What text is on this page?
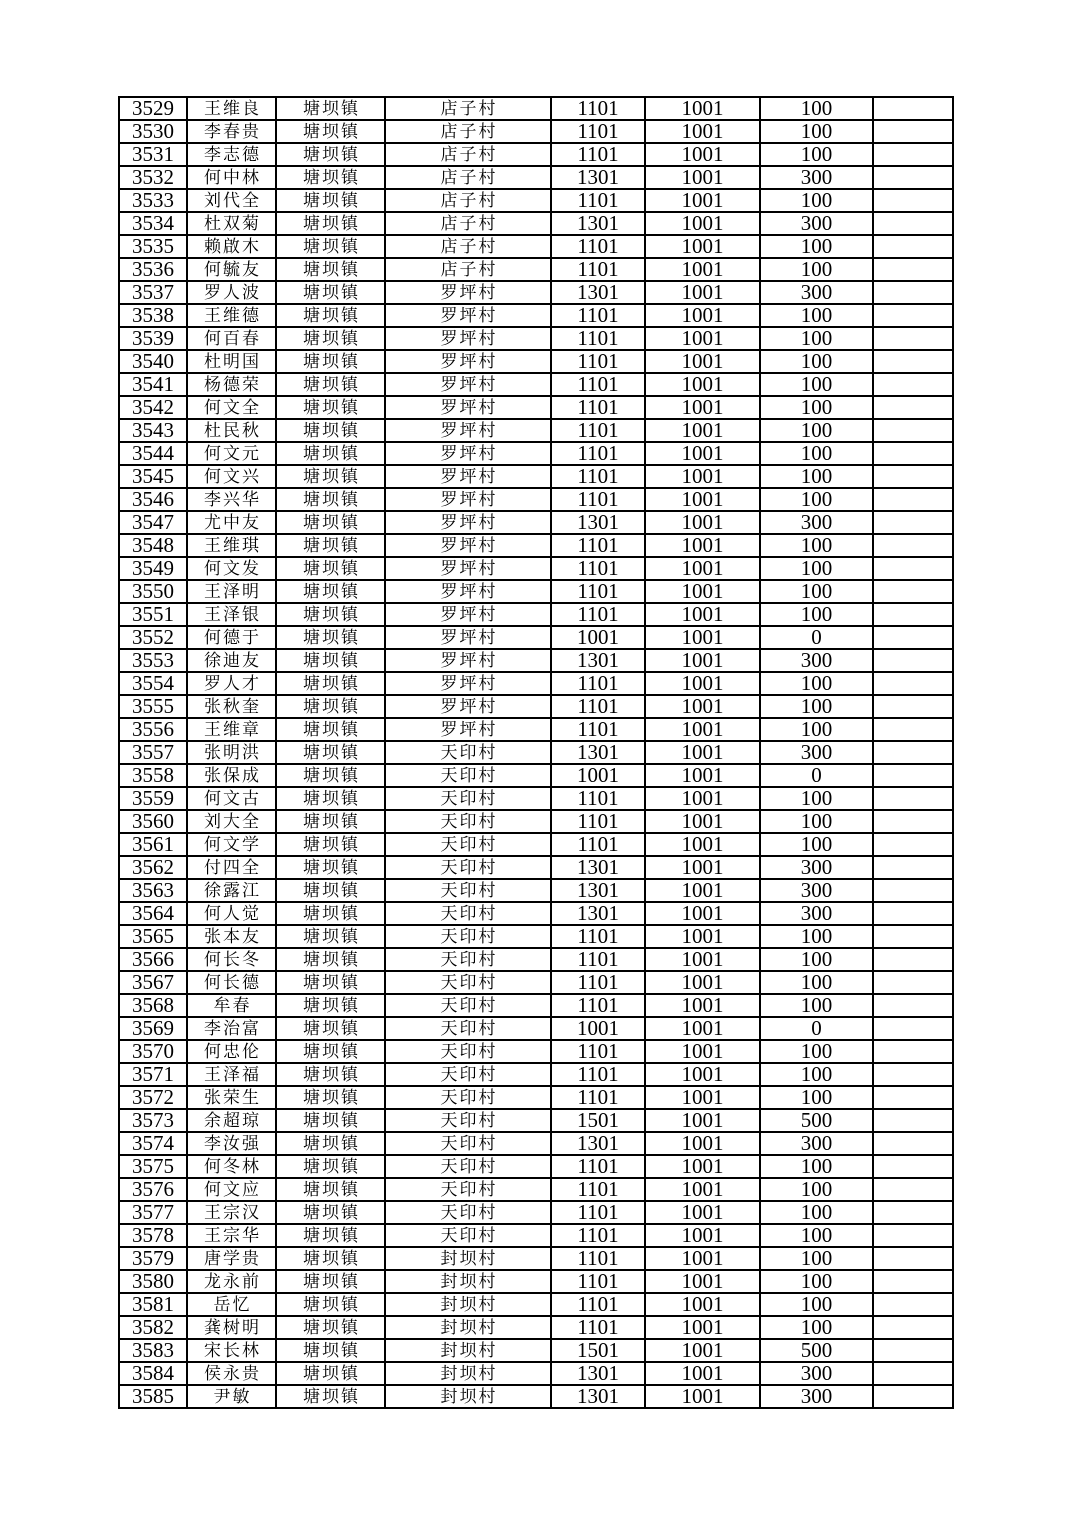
3529	王维良	塘坝镇	店子村	1101	1001	100
3530	李春贵	塘坝镇	店子村	1101	1001	100
3531	李志德	塘坝镇	店子村	1101	1001	100
3532	何中林	塘坝镇	店子村	1301	1001	300
3533	刘代全	塘坝镇	店子村	1101	1001	100
3534	杜双菊	塘坝镇	店子村	1301	1001	300
3535	赖啟木	塘坝镇	店子村	1101	1001	100
3536	何毓友	塘坝镇	店子村	1101	1001	100
3537	罗人波	塘坝镇	罗坪村	1301	1001	300
3538	王维德	塘坝镇	罗坪村	1101	1001	100
3539	何百春	塘坝镇	罗坪村	1101	1001	100
3540	杜明国	塘坝镇	罗坪村	1101	1001	100
3541	杨德荣	塘坝镇	罗坪村	1101	1001	100
3542	何文全	塘坝镇	罗坪村	1101	1001	100
3543	杜民秋	塘坝镇	罗坪村	1101	1001	100
3544	何文元	塘坝镇	罗坪村	1101	1001	100
3545	何文兴	塘坝镇	罗坪村	1101	1001	100
3546	李兴华	塘坝镇	罗坪村	1101	1001	100
3547	尤中友	塘坝镇	罗坪村	1301	1001	300
3548	王维琪	塘坝镇	罗坪村	1101	1001	100
3549	何文发	塘坝镇	罗坪村	1101	1001	100
3550	王泽明	塘坝镇	罗坪村	1101	1001	100
3551	王泽银	塘坝镇	罗坪村	1101	1001	100
3552	何德于	塘坝镇	罗坪村	1001	1001	0
3553	徐迪友	塘坝镇	罗坪村	1301	1001	300
3554	罗人才	塘坝镇	罗坪村	1101	1001	100
3555	张秋奎	塘坝镇	罗坪村	1101	1001	100
3556	王维章	塘坝镇	罗坪村	1101	1001	100
3557	张明洪	塘坝镇	天印村	1301	1001	300
3558	张保成	塘坝镇	天印村	1001	1001	0
3559	何文古	塘坝镇	天印村	1101	1001	100
3560	刘大全	塘坝镇	天印村	1101	1001	100
3561	何文学	塘坝镇	天印村	1101	1001	100
3562	付四全	塘坝镇	天印村	1301	1001	300
3563	徐露江	塘坝镇	天印村	1301	1001	300
3564	何人觉	塘坝镇	天印村	1301	1001	300
3565	张本友	塘坝镇	天印村	1101	1001	100
3566	何长冬	塘坝镇	天印村	1101	1001	100
3567	何长德	塘坝镇	天印村	1101	1001	100
3568	牟春	塘坝镇	天印村	1101	1001	100
3569	李治富	塘坝镇	天印村	1001	1001	0
3570	何忠伦	塘坝镇	天印村	1101	1001	100
3571	王泽福	塘坝镇	天印村	1101	1001	100
3572	张荣生	塘坝镇	天印村	1101	1001	100
3573	余超琼	塘坝镇	天印村	1501	1001	500
3574	李汝强	塘坝镇	天印村	1301	1001	300
3575	何冬林	塘坝镇	天印村	1101	1001	100
3576	何文应	塘坝镇	天印村	1101	1001	100
3577	王宗汉	塘坝镇	天印村	1101	1001	100
3578	王宗华	塘坝镇	天印村	1101	1001	100
3579	唐学贵	塘坝镇	封坝村	1101	1001	100
3580	龙永前	塘坝镇	封坝村	1101	1001	100
3581	岳忆	塘坝镇	封坝村	1101	1001	100
3582	龚树明	塘坝镇	封坝村	1101	1001	100
3583	宋长林	塘坝镇	封坝村	1501	1001	500
3584	侯永贵	塘坝镇	封坝村	1301	1001	300
3585	尹敏	塘坝镇	封坝村	1301	1001	300
